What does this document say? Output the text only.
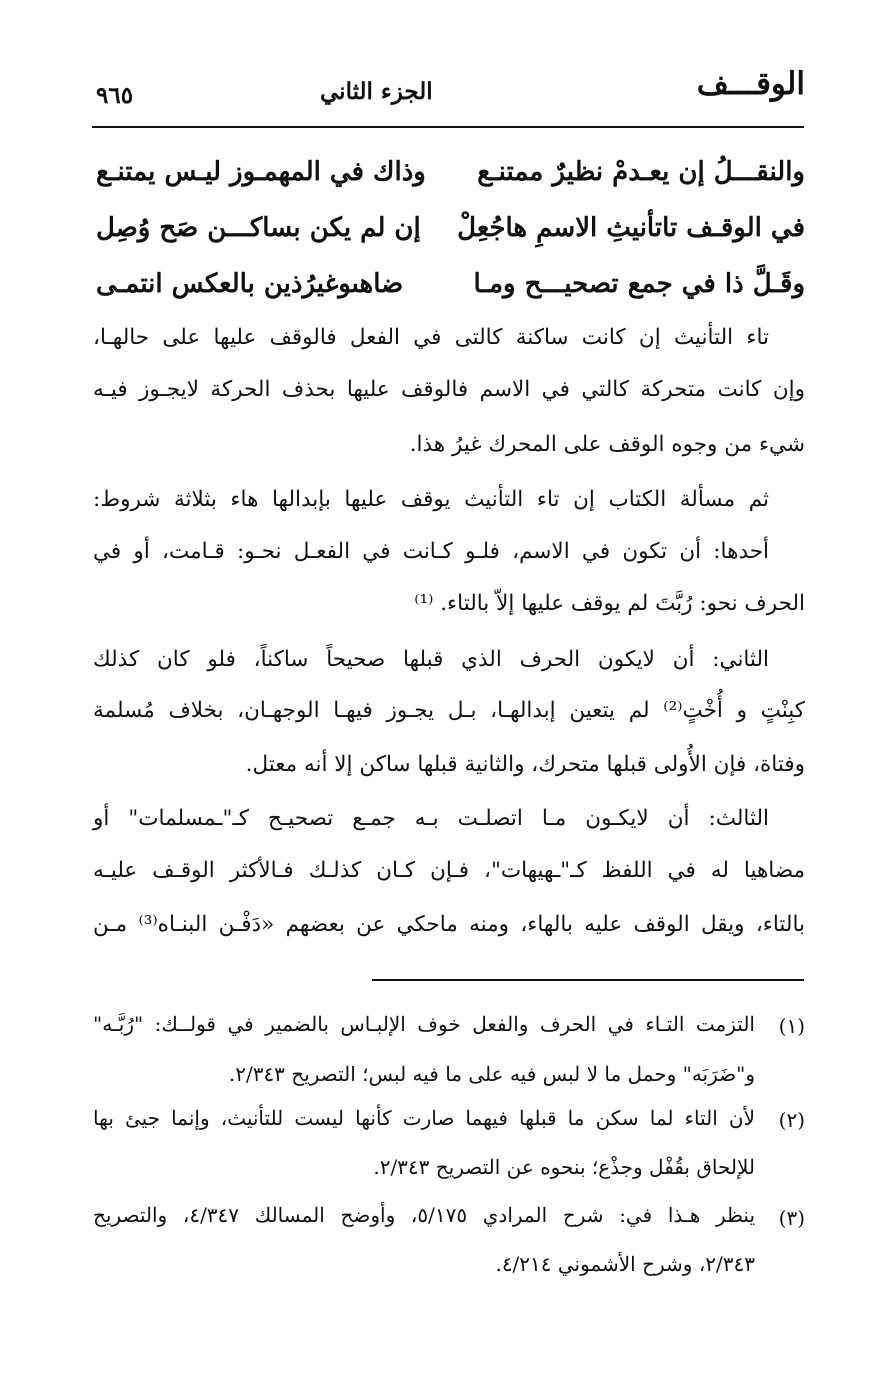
الوقـــف
الجزء الثاني
٩٦٥
والنقـــلُ إن يعـدمْ نظيرٌ ممتنـع
وذاك في المهمـوز ليـس يمتنـع
في الوقـف تاتأنيثِ الاسمِ هاجُعِلْ
إن لم يكن بساكـــن صَح وُصِل
وقَـلَّ ذا في جمع تصحيـــح ومـا
ضاهىوغيرُذين بالعكس انتمـى
تاء التأنيث إن كانت ساكنة كالتى في الفعل فالوقف عليها على حالهـا،
وإن كانت متحركة كالتي في الاسم فالوقف عليها بحذف الحركة لايجـوز فيـه
شيء من وجوه الوقف على المحرك غيرُ هذا.
ثم مسألة الكتاب إن تاء التأنيث يوقف عليها بإبدالها هاء بثلاثة شروط:
أحدها: أن تكون في الاسم، فلـو كـانت في الفعـل نحـو: قـامت، أو في
الحرف نحو: رُبَّتَ لم يوقف عليها إلاّ بالتاء. ⁽¹⁾
الثاني: أن لايكون الحرف الذي قبلها صحيحاً ساكناً، فلو كان كذلك
كبِنْتٍ و أُخْتٍ⁽²⁾ لم يتعين إبدالهـا، بـل يجـوز فيهـا الوجهـان، بخلاف مُسلمة
وفتاة، فإن الأُولى قبلها متحرك، والثانية قبلها ساكن إلا أنه معتل.
الثالث: أن لايكـون مـا اتصلـت بـه جمـع تصحيـح كـ"ـمسلمات" أو
مضاهيا له في اللفظ كـ"ـهيهات"، فـإن كـان كذلـك فـالأكثر الوقـف عليـه
بالتاء، ويقل الوقف عليه بالهاء، ومنه ماحكي عن بعضهم «دَفْـن البنـاه⁽³⁾ مـن
(١)
التزمت التـاء في الحرف والفعل خوف الإلبـاس بالضمير في قولــك: "رُبَّـه"
و"ضَرَبَه" وحمل ما لا لبس فيه على ما فيه لبس؛ التصريح ٢/٣٤٣.
(٢)
لأن التاء لما سكن ما قبلها فيهما صارت كأنها ليست للتأنيث، وإنما جيئ بها
للإلحاق بقُفْل وجذْع؛ بنحوه عن التصريح ٢/٣٤٣.
(٣)
ينظر هـذا في: شرح المرادي ٥/١٧٥، وأوضح المسالك ٤/٣٤٧، والتصريح
٢/٣٤٣، وشرح الأشموني ٤/٢١٤.
